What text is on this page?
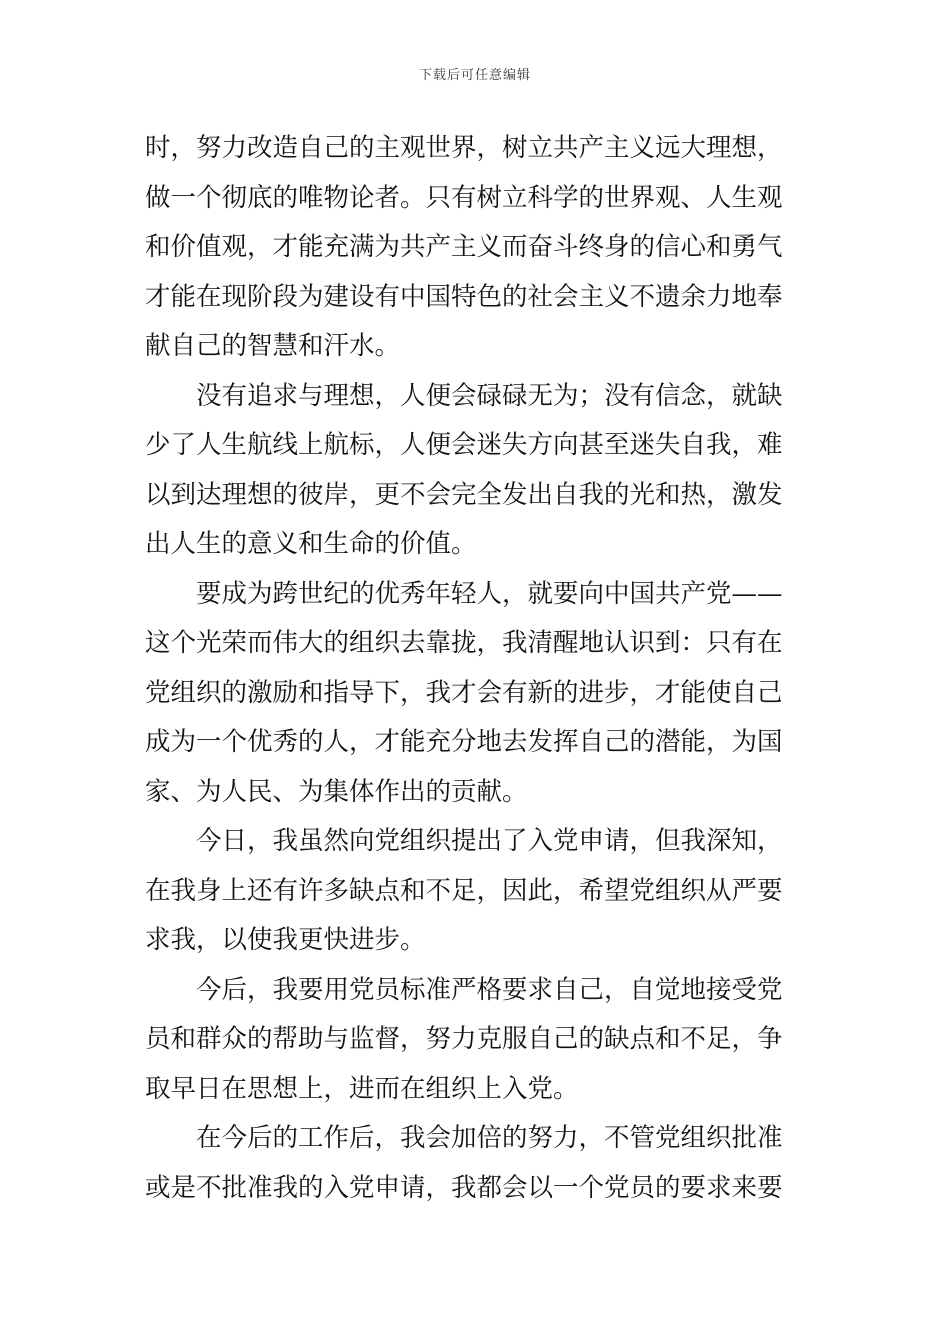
下载后可任意编辑
时，努力改造自己的主观世界，树立共产主义远大理想，
做一个彻底的唯物论者。只有树立科学的世界观、人生观
和价值观，才能充满为共产主义而奋斗终身的信心和勇气
才能在现阶段为建设有中国特色的社会主义不遗余力地奉
献自己的智慧和汗水。
　　没有追求与理想，人便会碌碌无为；没有信念，就缺
少了人生航线上航标，人便会迷失方向甚至迷失自我，难
以到达理想的彼岸，更不会完全发出自我的光和热，激发
出人生的意义和生命的价值。
　　要成为跨世纪的优秀年轻人，就要向中国共产党——
这个光荣而伟大的组织去靠拢，我清醒地认识到：只有在
党组织的激励和指导下，我才会有新的进步，才能使自己
成为一个优秀的人，才能充分地去发挥自己的潜能，为国
家、为人民、为集体作出的贡献。
　　今日，我虽然向党组织提出了入党申请，但我深知，
在我身上还有许多缺点和不足，因此，希望党组织从严要
求我，以使我更快进步。
　　今后，我要用党员标准严格要求自己，自觉地接受党
员和群众的帮助与监督，努力克服自己的缺点和不足，争
取早日在思想上，进而在组织上入党。
　　在今后的工作后，我会加倍的努力，不管党组织批准
或是不批准我的入党申请，我都会以一个党员的要求来要
